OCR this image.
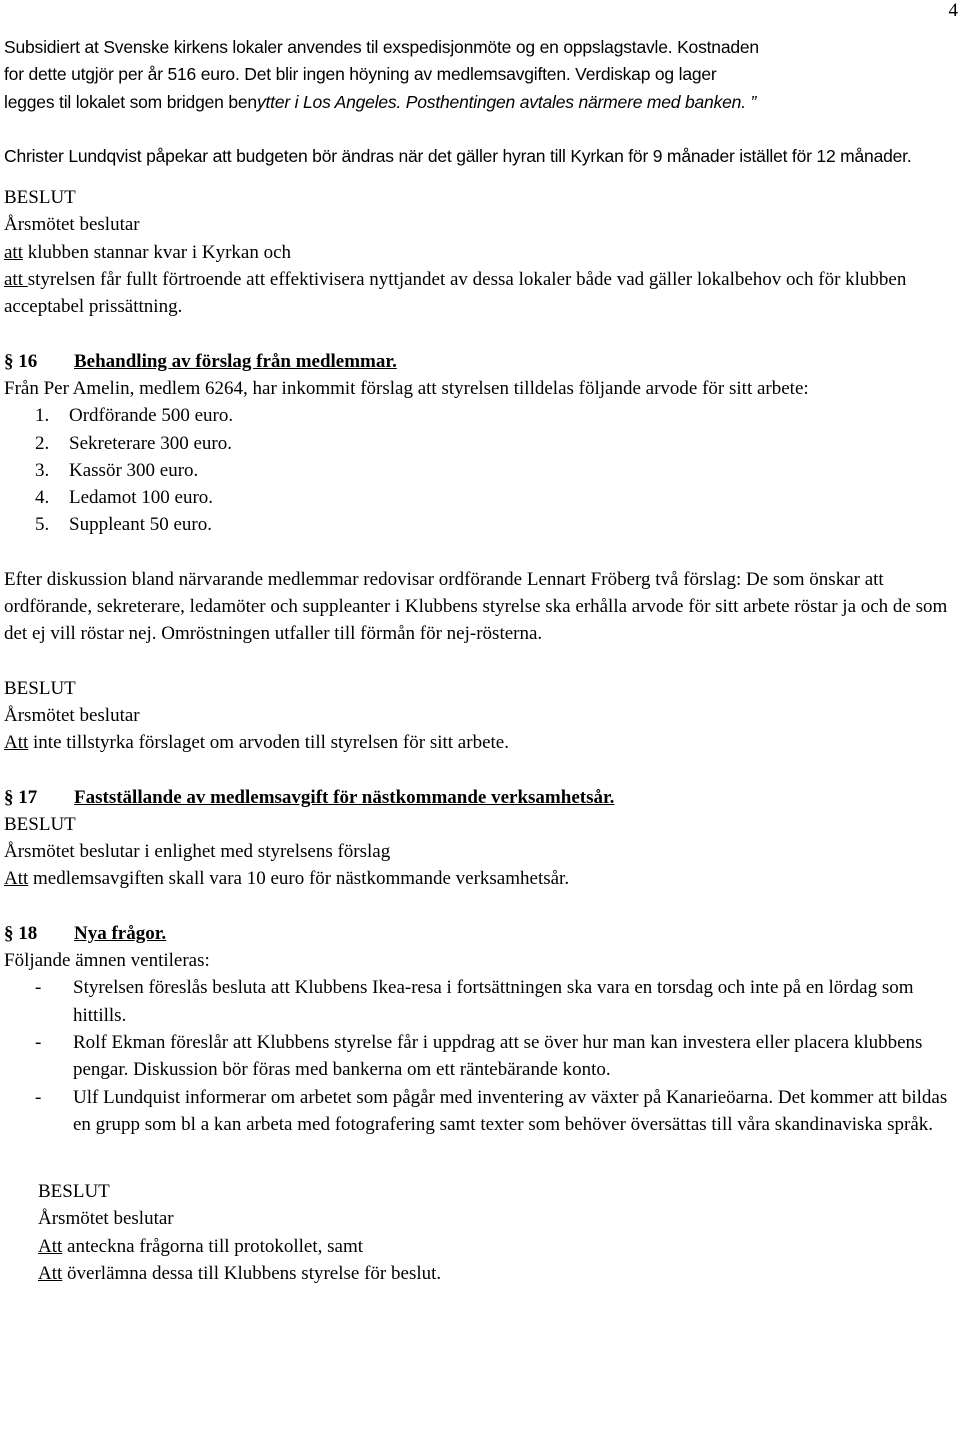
4

Subsidiert at Svenske kirkens lokaler anvendes til exspedisjonmöte og en oppslagstavle. Kostnaden

for dette utgjör per år 516 euro. Det blir ingen höyning av medlemsavgiften. Verdiskap og lager

legges til lokalet som bridgen benytter i Los Angeles. Posthentingen avtales närmere med banken. ”

Christer Lundqvist påpekar att budgeten bör ändras när det gäller hyran till Kyrkan för 9 månader istället för 12 månader.

BESLUT

Årsmötet beslutar

att klubben stannar kvar i Kyrkan och

att styrelsen får fullt förtroende att effektivisera nyttjandet av dessa lokaler både vad gäller lokalbehov och för klubben acceptabel prissättning.

§ 16	Behandling av förslag från medlemmar.

Från Per Amelin, medlem 6264, har inkommit förslag att styrelsen tilldelas följande arvode för sitt arbete:

1.	Ordförande 500 euro.
2.	Sekreterare 300 euro.
3.	Kassör 300 euro.
4.	Ledamot 100 euro.
5.	Suppleant 50 euro.

Efter diskussion bland närvarande medlemmar redovisar ordförande Lennart Fröberg två förslag: De som önskar att ordförande, sekreterare, ledamöter och suppleanter i Klubbens styrelse ska erhålla arvode för sitt arbete röstar ja och de som det ej vill röstar nej. Omröstningen utfaller till förmån för nej-rösterna.

BESLUT

Årsmötet beslutar

Att inte tillstyrka förslaget om arvoden till styrelsen för sitt arbete.

§ 17	Fastställande av medlemsavgift för nästkommande verksamhetsår.

BESLUT

Årsmötet beslutar i enlighet med styrelsens förslag

Att medlemsavgiften skall vara 10 euro för nästkommande verksamhetsår.

§ 18	Nya frågor.

Följande ämnen ventileras:

-	Styrelsen föreslås besluta att Klubbens Ikea-resa i fortsättningen ska vara en torsdag och inte på en lördag som hittills.
-	Rolf Ekman föreslår att Klubbens styrelse får i uppdrag att se över hur man kan investera eller placera klubbens pengar. Diskussion bör föras med bankerna om ett räntebärande konto.
-	Ulf Lundquist informerar om arbetet som pågår med inventering av växter på Kanarieöarna. Det kommer att bildas en grupp som bl a kan arbeta med fotografering samt texter som behöver översättas till våra skandinaviska språk.

BESLUT

Årsmötet beslutar

Att anteckna frågorna till protokollet, samt

Att överlämna dessa till Klubbens styrelse för beslut.
